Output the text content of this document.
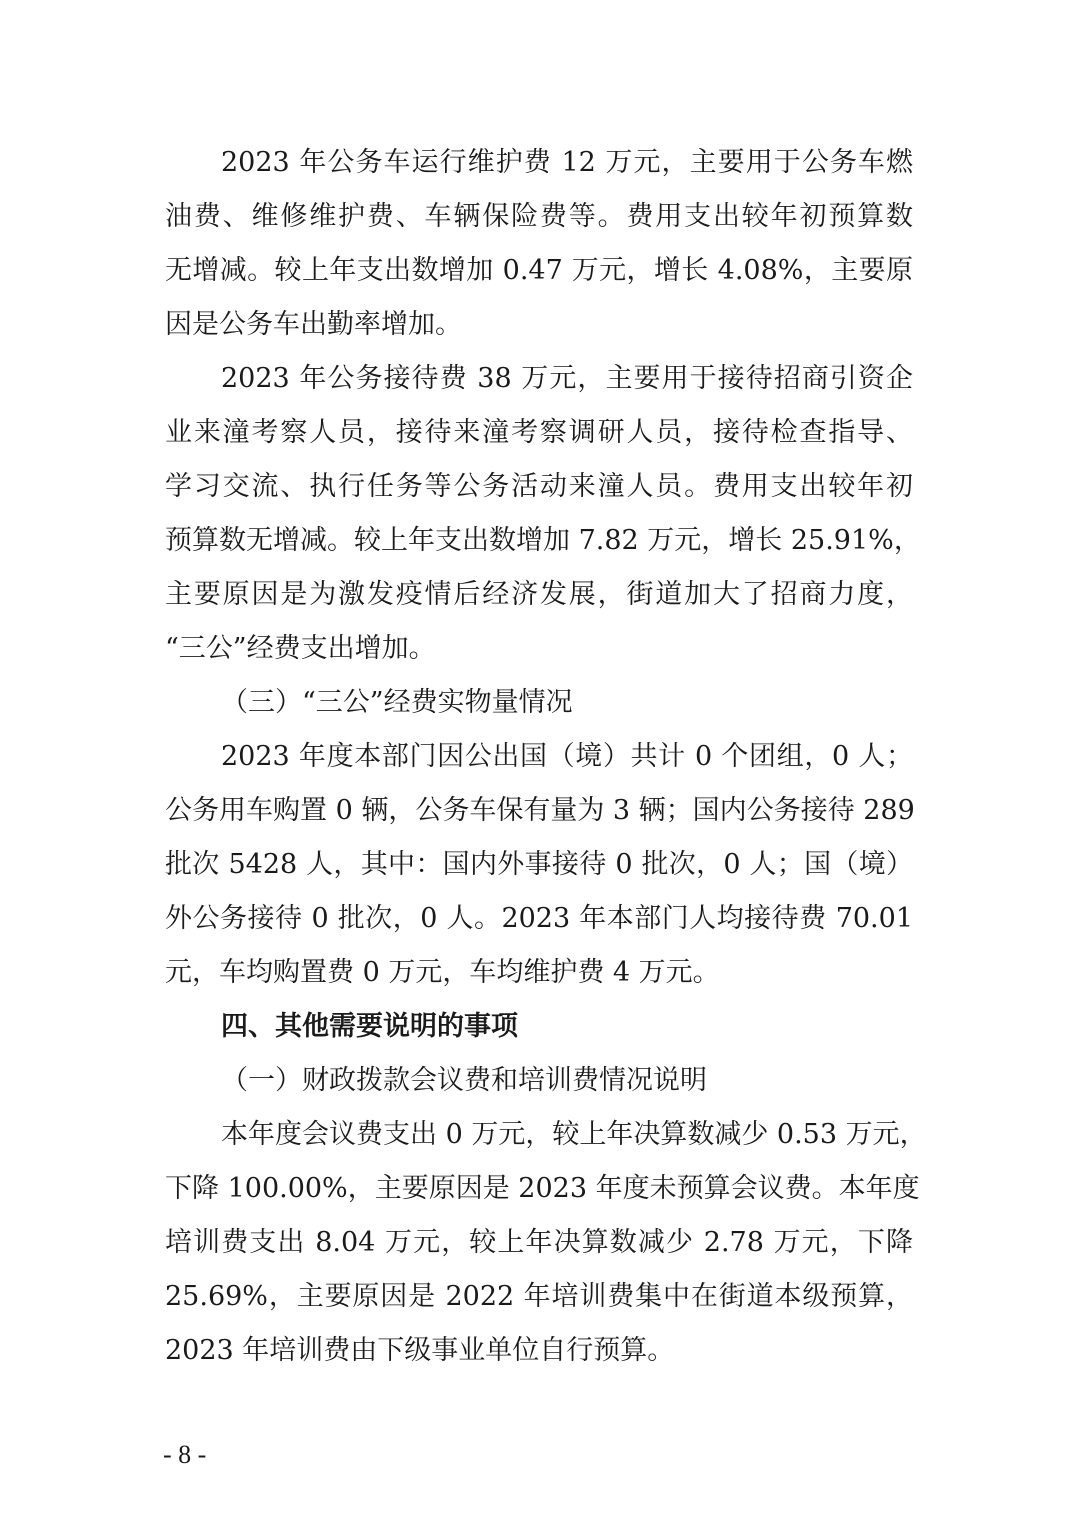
2023 年公务车运行维护费 12 万元，主要用于公务车燃
油费、维修维护费、车辆保险费等。费用支出较年初预算数
无增减。较上年支出数增加 0.47 万元，增长 4.08%，主要原
因是公务车出勤率增加。
2023 年公务接待费 38 万元，主要用于接待招商引资企
业来潼考察人员，接待来潼考察调研人员，接待检查指导、
学习交流、执行任务等公务活动来潼人员。费用支出较年初
预算数无增减。较上年支出数增加 7.82 万元，增长 25.91%，
主要原因是为激发疫情后经济发展，街道加大了招商力度，
“三公”经费支出增加。
（三）“三公”经费实物量情况
2023 年度本部门因公出国（境）共计 0 个团组，0 人；
公务用车购置 0 辆，公务车保有量为 3 辆；国内公务接待 289
批次 5428 人，其中：国内外事接待 0 批次，0 人；国（境）
外公务接待 0 批次，0 人。2023 年本部门人均接待费 70.01
元，车均购置费 0 万元，车均维护费 4 万元。
四、其他需要说明的事项
（一）财政拨款会议费和培训费情况说明
本年度会议费支出 0 万元，较上年决算数减少 0.53 万元，
下降 100.00%，主要原因是 2023 年度未预算会议费。本年度
培训费支出 8.04 万元，较上年决算数减少 2.78 万元，下降
25.69%，主要原因是 2022 年培训费集中在街道本级预算，
2023 年培训费由下级事业单位自行预算。
- 8 -
